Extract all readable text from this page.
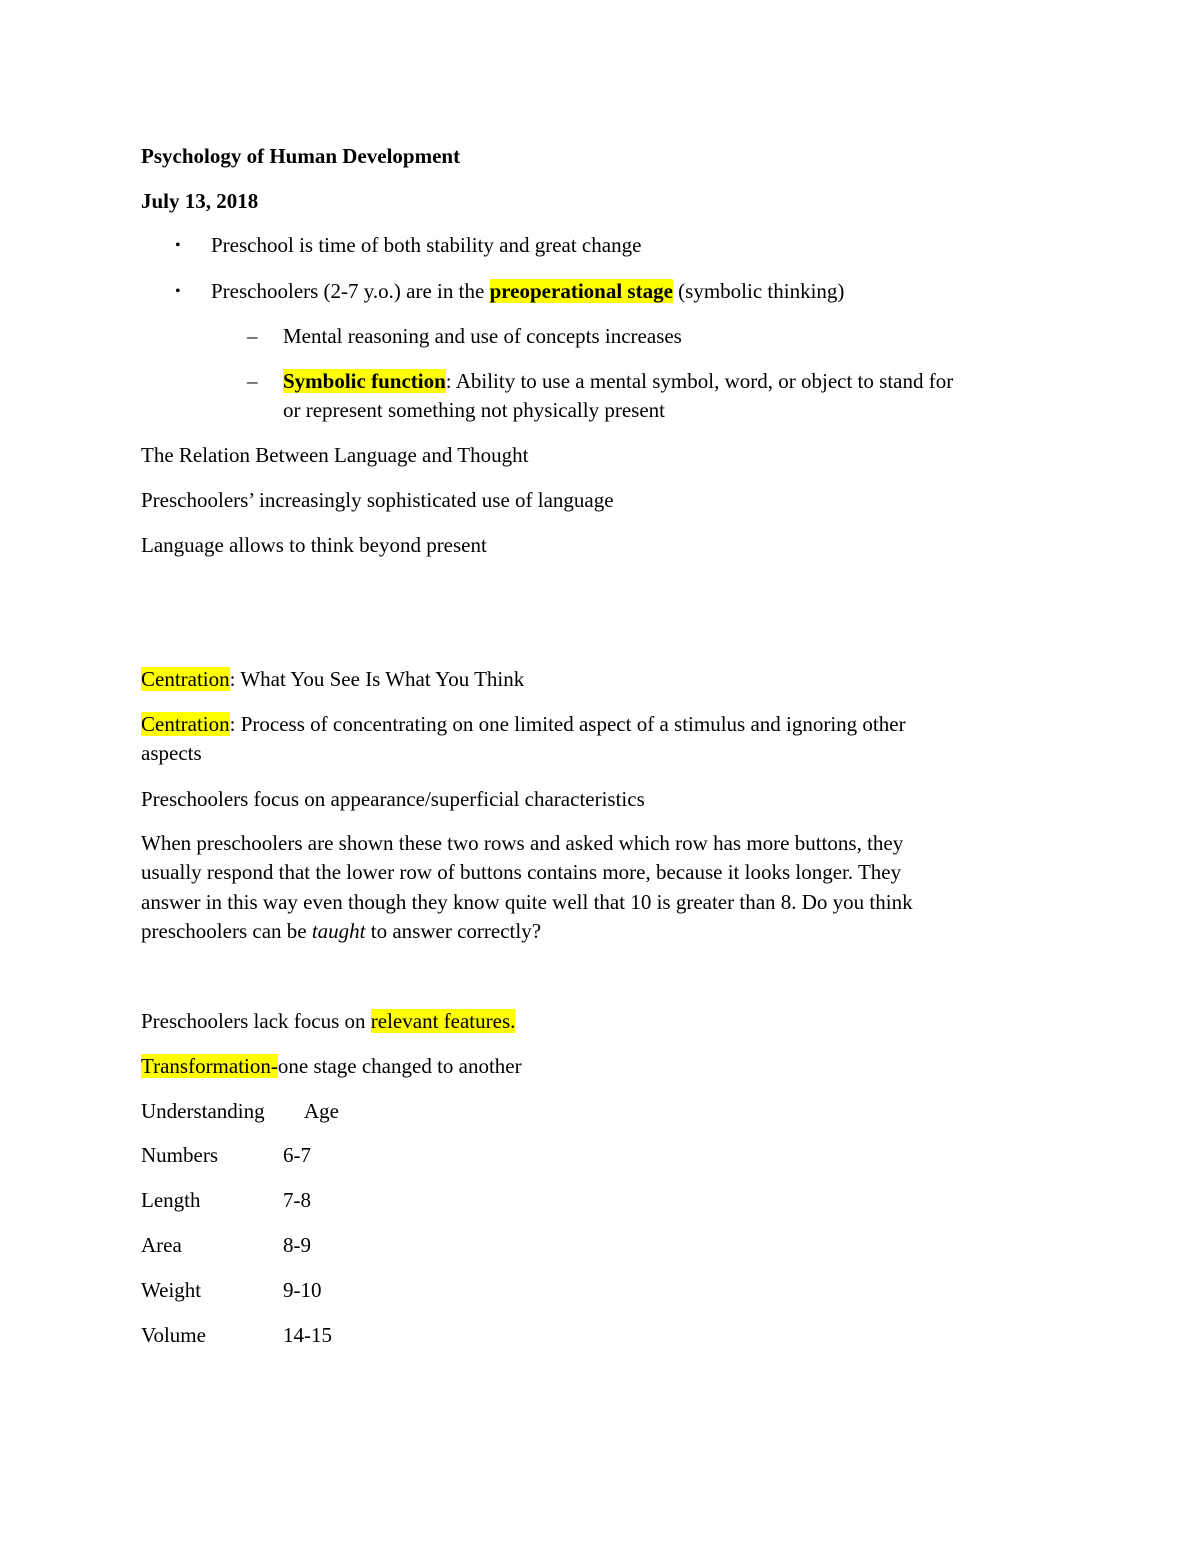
Psychology of Human Development
July 13, 2018
• Preschool is time of both stability and great change
• Preschoolers (2-7 y.o.) are in the preoperational stage (symbolic thinking)
– Mental reasoning and use of concepts increases
– Symbolic function: Ability to use a mental symbol, word, or object to stand for
or represent something not physically present
The Relation Between Language and Thought
Preschoolers’ increasingly sophisticated use of language
Language allows to think beyond present
Centration: What You See Is What You Think
Centration: Process of concentrating on one limited aspect of a stimulus and ignoring other
aspects
Preschoolers focus on appearance/superficial characteristics
When preschoolers are shown these two rows and asked which row has more buttons, they
usually respond that the lower row of buttons contains more, because it looks longer. They
answer in this way even though they know quite well that 10 is greater than 8. Do you think
preschoolers can be taught to answer correctly?
Preschoolers lack focus on relevant features.
Transformation-one stage changed to another
Understanding Age
Numbers	6-7
Length	7-8
Area	8-9
Weight	9-10
Volume	14-15
